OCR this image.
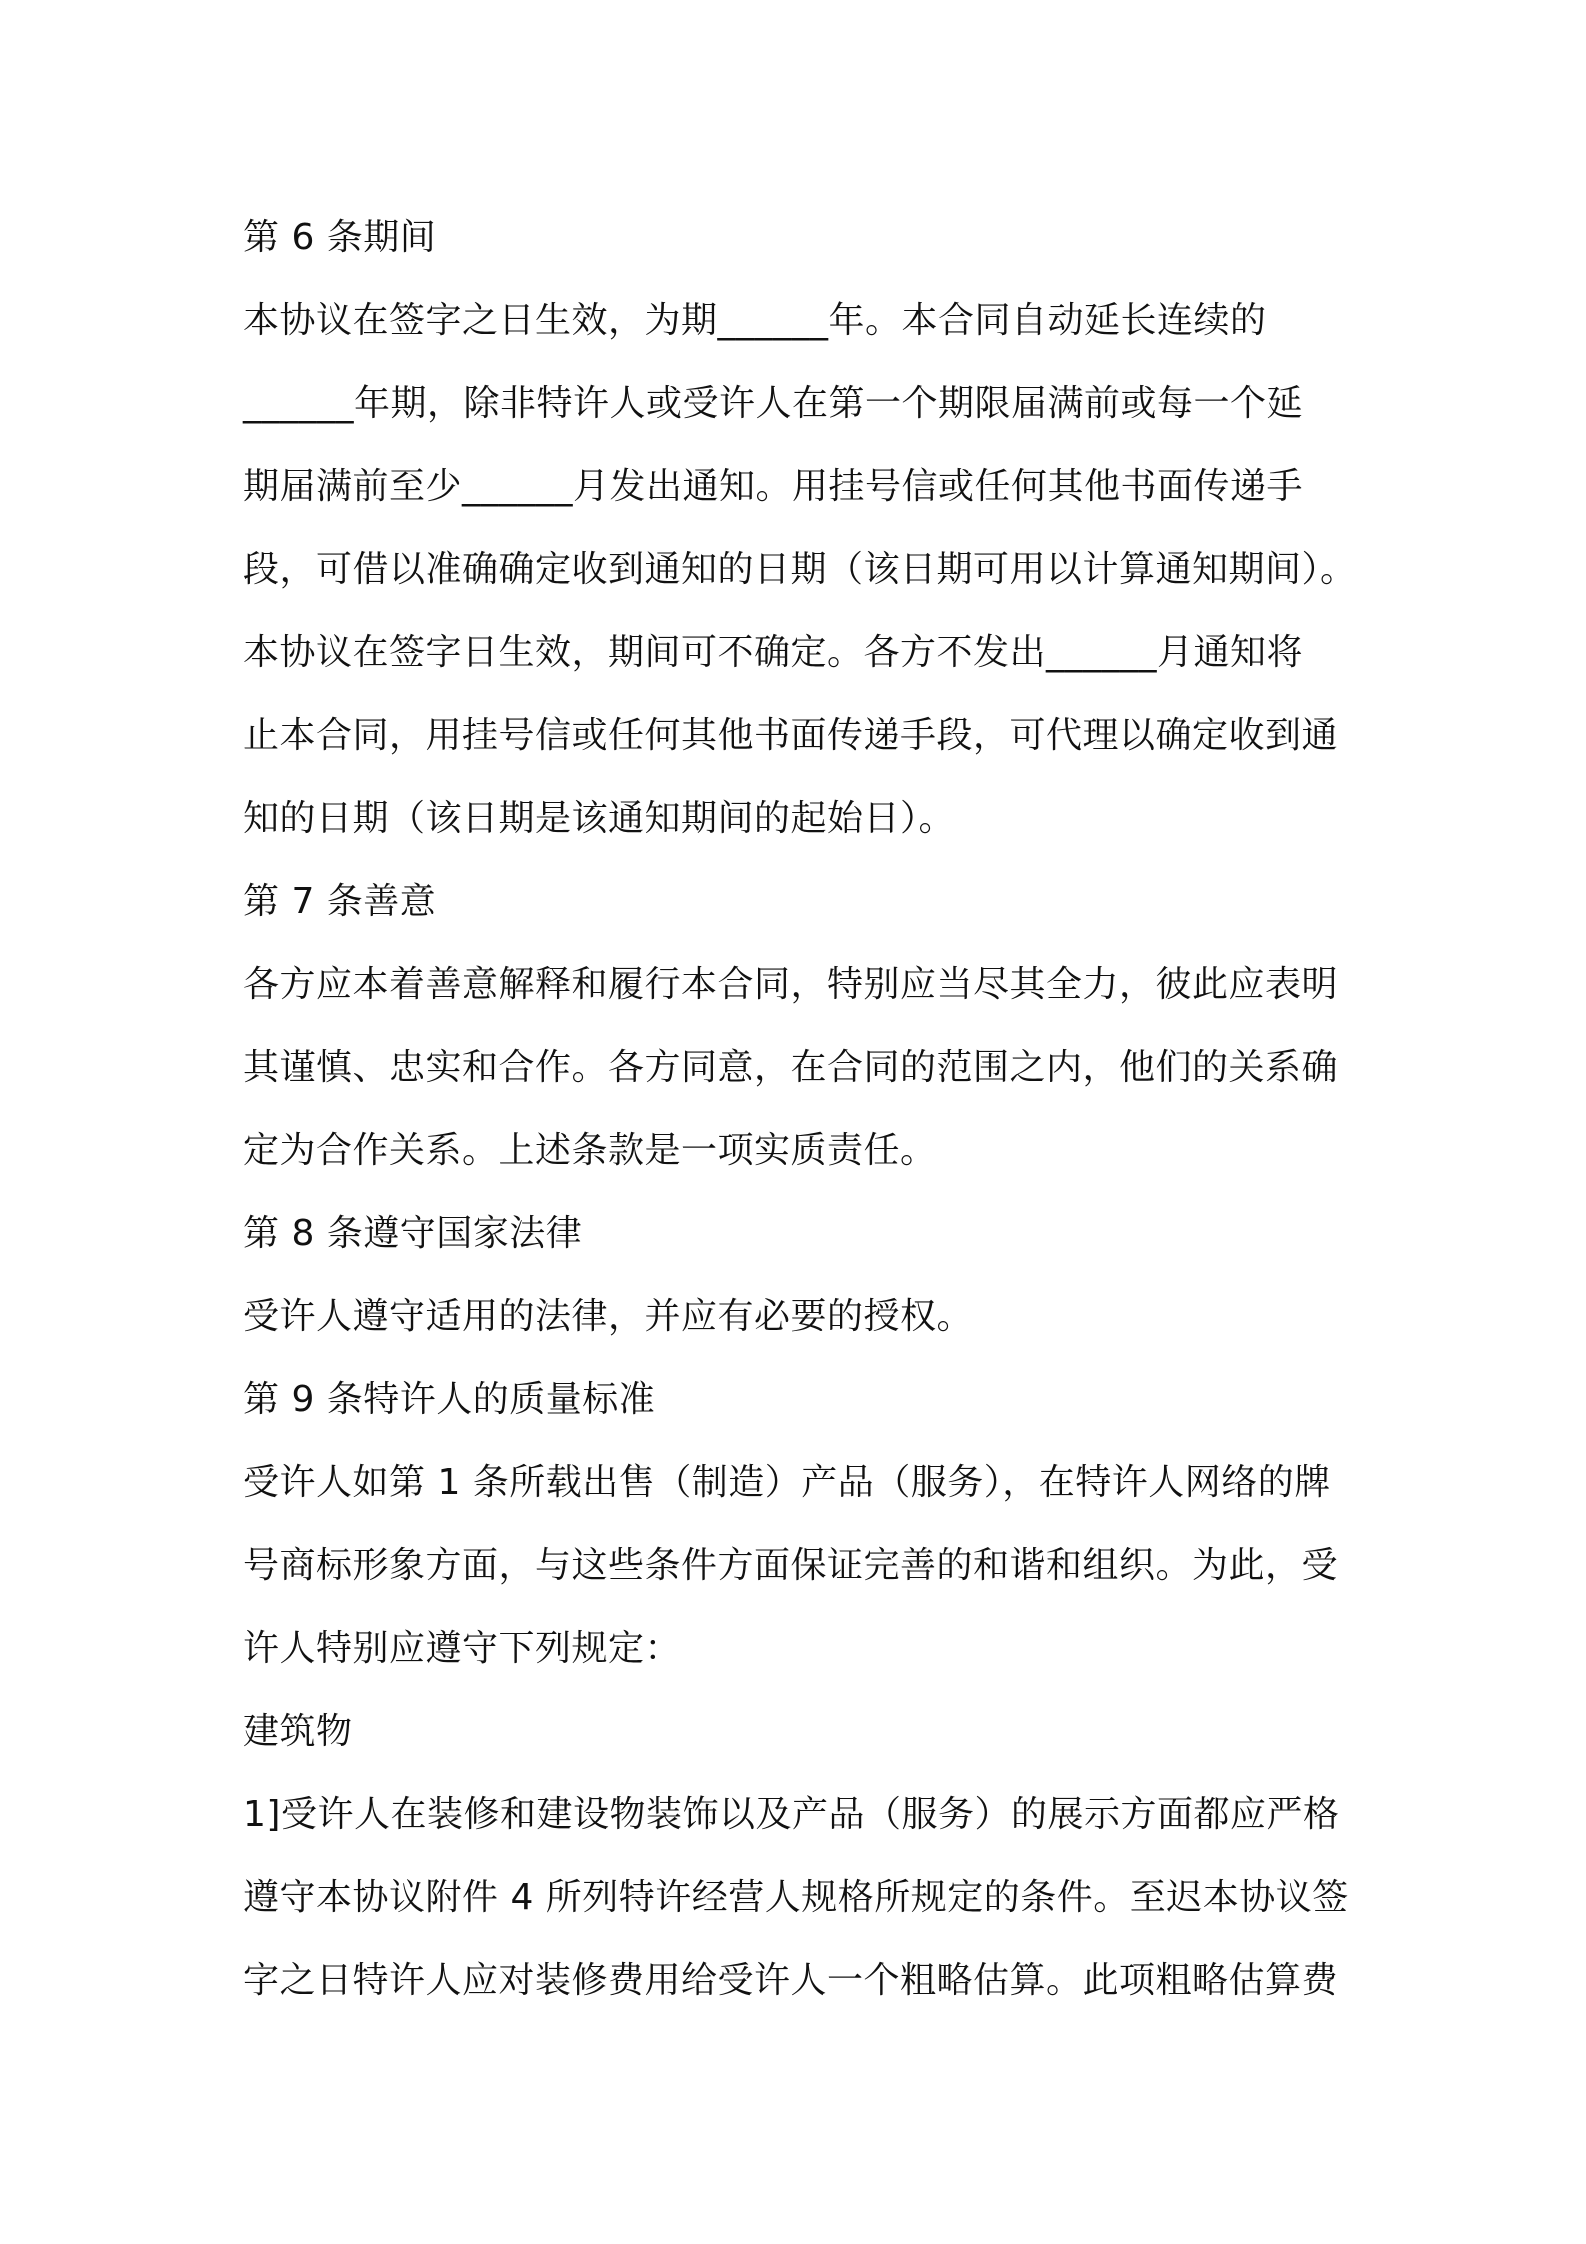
第 6 条期间
本协议在签字之日生效，为期______年。本合同自动延长连续的
______年期，除非特许人或受许人在第一个期限届满前或每一个延
期届满前至少______月发出通知。用挂号信或任何其他书面传递手
段，可借以准确确定收到通知的日期（该日期可用以计算通知期间）。
本协议在签字日生效，期间可不确定。各方不发出______月通知将
止本合同，用挂号信或任何其他书面传递手段，可代理以确定收到通
知的日期（该日期是该通知期间的起始日）。
第 7 条善意
各方应本着善意解释和履行本合同，特别应当尽其全力，彼此应表明
其谨慎、忠实和合作。各方同意，在合同的范围之内，他们的关系确
定为合作关系。上述条款是一项实质责任。
第 8 条遵守国家法律
受许人遵守适用的法律，并应有必要的授权。
第 9 条特许人的质量标准
受许人如第 1 条所载出售（制造）产品（服务），在特许人网络的牌
号商标形象方面，与这些条件方面保证完善的和谐和组织。为此，受
许人特别应遵守下列规定：
建筑物
1]受许人在装修和建设物装饰以及产品（服务）的展示方面都应严格
遵守本协议附件 4 所列特许经营人规格所规定的条件。至迟本协议签
字之日特许人应对装修费用给受许人一个粗略估算。此项粗略估算费
